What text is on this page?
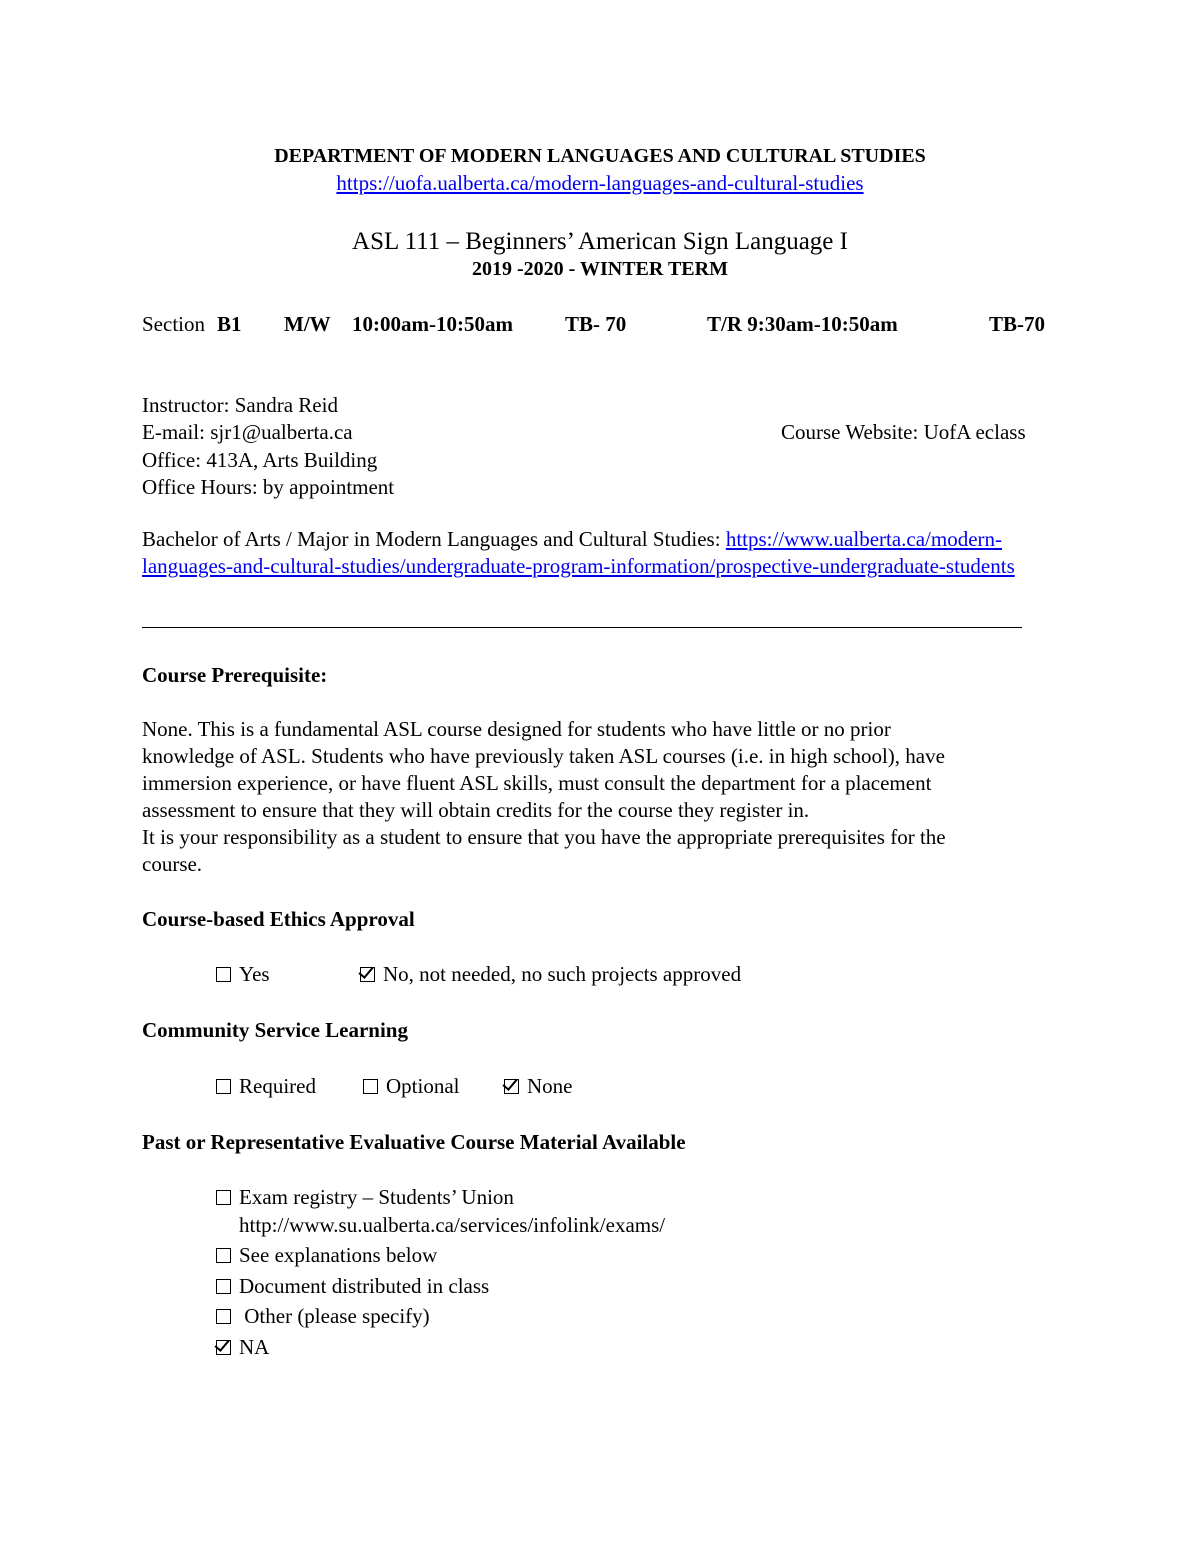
DEPARTMENT OF MODERN LANGUAGES AND CULTURAL STUDIES
https://uofa.ualberta.ca/modern-languages-and-cultural-studies
ASL 111 – Beginners’ American Sign Language I
2019 -2020 - WINTER TERM
Section B1 M/W 10:00am-10:50am TB- 70	T/R 9:30am-10:50am	TB-70
Instructor: Sandra Reid
E-mail: sjr1@ualberta.ca	Course Website: UofA eclass
Office: 413A, Arts Building
Office Hours: by appointment
Bachelor of Arts / Major in Modern Languages and Cultural Studies: https://www.ualberta.ca/modern-
languages-and-cultural-studies/undergraduate-program-information/prospective-undergraduate-students
Course Prerequisite:
None. This is a fundamental ASL course designed for students who have little or no prior
knowledge of ASL. Students who have previously taken ASL courses (i.e. in high school), have
immersion experience, or have fluent ASL skills, must consult the department for a placement
assessment to ensure that they will obtain credits for the course they register in.
It is your responsibility as a student to ensure that you have the appropriate prerequisites for the
course.
Course-based Ethics Approval
Yes	No, not needed, no such projects approved
Community Service Learning
Required	Optional	None
Past or Representative Evaluative Course Material Available
Exam registry – Students’ Union
http://www.su.ualberta.ca/services/infolink/exams/
See explanations below
Document distributed in class
Other (please specify)
NA
